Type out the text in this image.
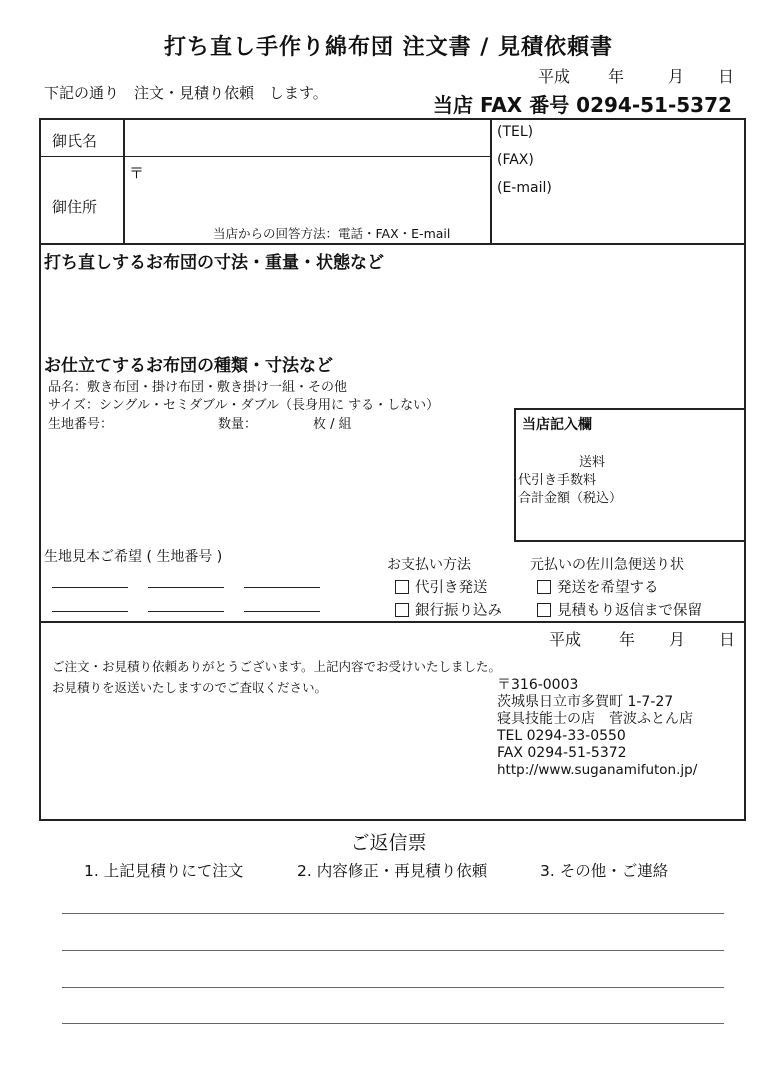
打ち直し手作り綿布団 注文書 / 見積依頼書
下記の通り　注文・見積り依頼　します。
平成 年	月 日
当店 FAX 番号 0294-51-5372
御氏名
御住所
〒
当店からの回答方法：電話・FAX・E-mail
(TEL)
(FAX)
(E-mail)
打ち直しするお布団の寸法・重量・状態など
お仕立てするお布団の種類・寸法など
品名：敷き布団・掛け布団・敷き掛け一組・その他
サイズ：シングル・セミダブル・ダブル（長身用に する・しない）
生地番号：	数量：	枚 / 組	当店記入欄
送料
代引き手数料
合計金額（税込）
生地見本ご希望 ( 生地番号 )	お支払い方法
代引き発送
銀行振り込み
元払いの佐川急便送り状
発送を希望する
見積もり返信まで保留
平成 年 月 日
ご注文・お見積り依頼ありがとうございます。上記内容でお受けいたしました。
お見積りを返送いたしますのでご査収ください。	〒316-0003
茨城県日立市多賀町 1-7-27
寝具技能士の店　菅波ふとん店
TEL 0294-33-0550
FAX 0294-51-5372
http://www.suganamifuton.jp/
ご返信票
1. 上記見積りにて注文	2. 内容修正・再見積り依頼	3. その他・ご連絡
